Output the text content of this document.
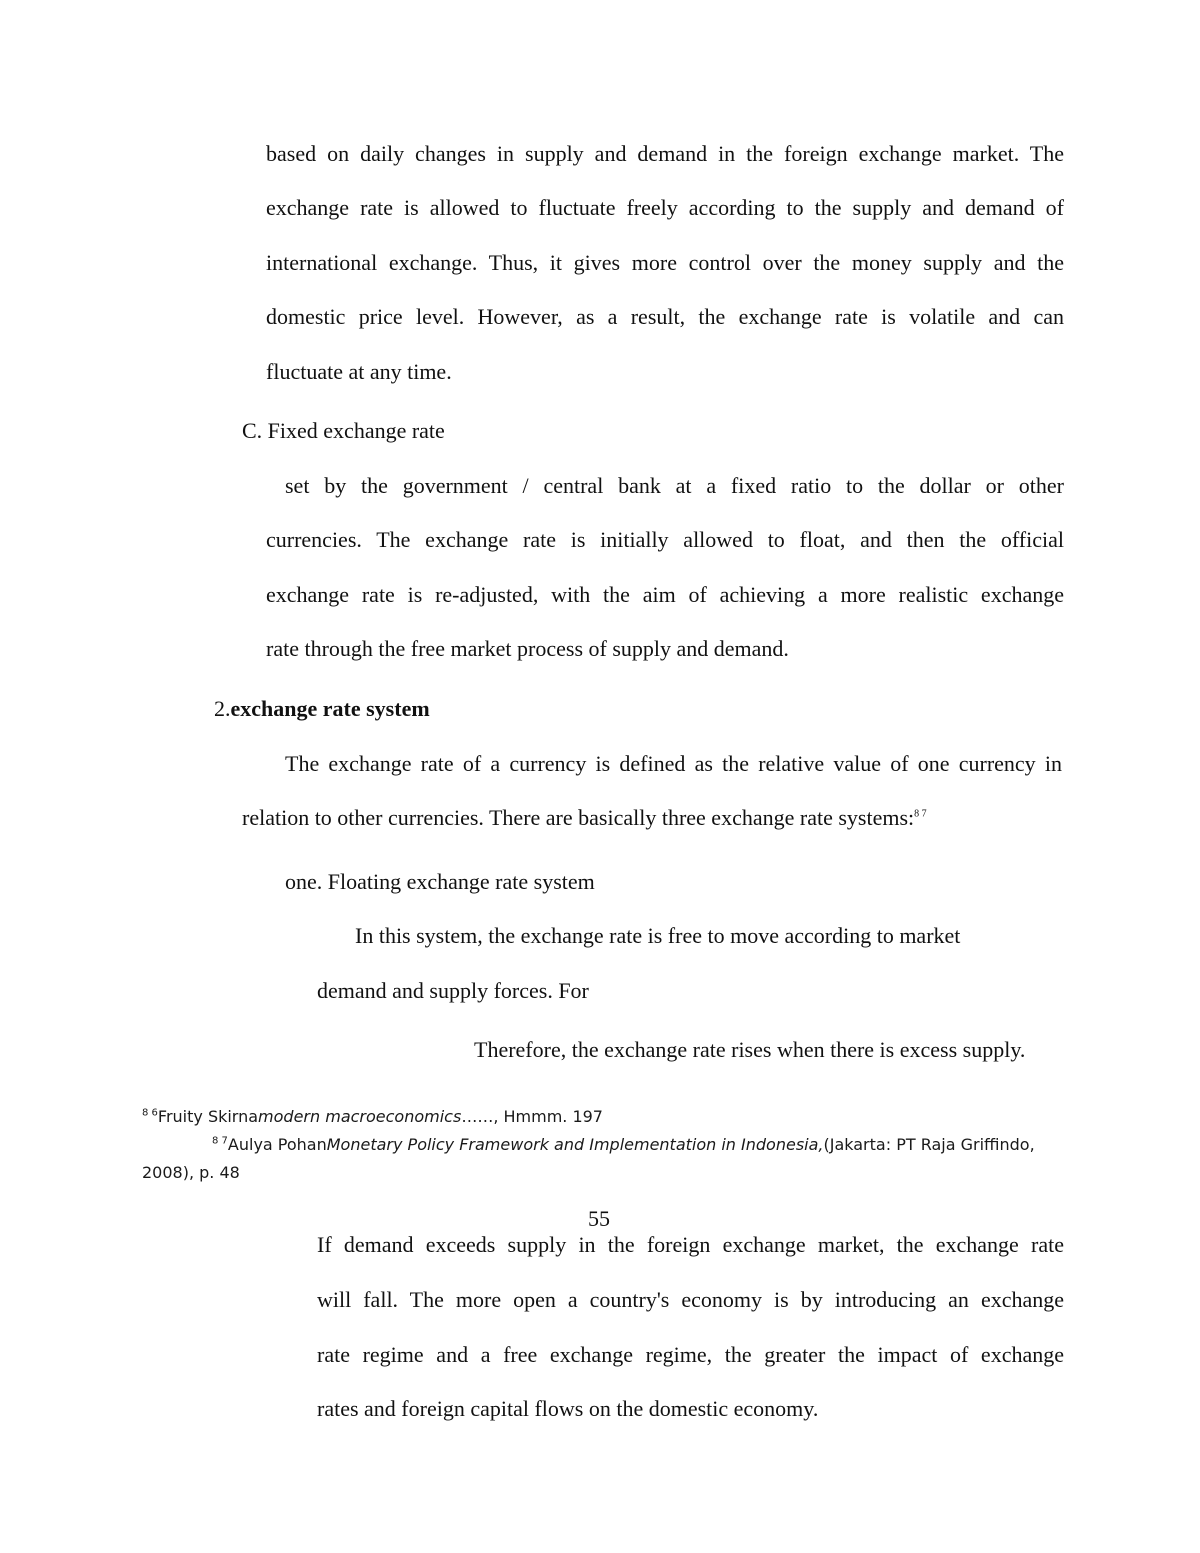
based on daily changes in supply and demand in the foreign exchange market. The
exchange rate is allowed to fluctuate freely according to the supply and demand of
international exchange. Thus, it gives more control over the money supply and the
domestic price level. However, as a result, the exchange rate is volatile and can
fluctuate at any time.
C. Fixed exchange rate
set by the government / central bank at a fixed ratio to the dollar or other
currencies. The exchange rate is initially allowed to float, and then the official
exchange rate is re-adjusted, with the aim of achieving a more realistic exchange
rate through the free market process of supply and demand.
2.exchange rate system
The exchange rate of a currency is defined as the relative value of one currency in
relation to other currencies. There are basically three exchange rate systems:$^{8 7}$
one. Floating exchange rate system
In this system, the exchange rate is free to move according to market
demand and supply forces. For
Therefore, the exchange rate rises when there is excess supply.
$^{8 6}$Fruity Skirnamodern macroeconomics……, Hmmm. 197
$^{8 7}$Aulya PohanMonetary Policy Framework and Implementation in Indonesia,(Jakarta: PT Raja Griffindo,
2008), p. 48
55
If demand exceeds supply in the foreign exchange market, the exchange rate
will fall. The more open a country's economy is by introducing an exchange
rate regime and a free exchange regime, the greater the impact of exchange
rates and foreign capital flows on the domestic economy.
